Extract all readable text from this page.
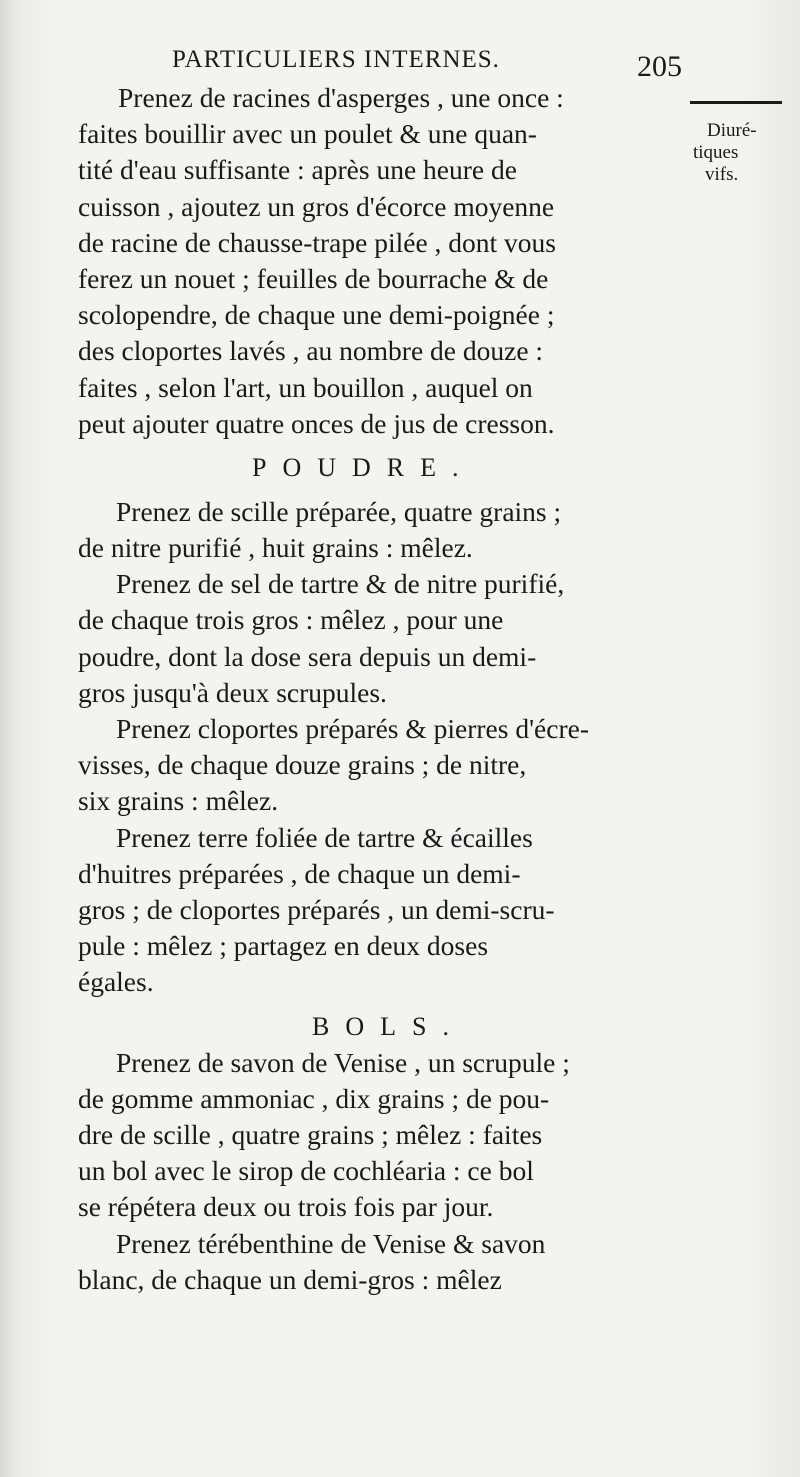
PARTICULIERS INTERNES.	205
Diuré-
tiques
vifs.
Prenez de racines d'asperges , une once :
faites bouillir avec un poulet & une quan-
tité d'eau suffisante : après une heure de
cuisson , ajoutez un gros d'écorce moyenne
de racine de chausse-trape pilée , dont vous
ferez un nouet ; feuilles de bourrache & de
scolopendre, de chaque une demi-poignée ;
des cloportes lavés , au nombre de douze :
faites , selon l'art, un bouillon , auquel on
peut ajouter quatre onces de jus de cresson.
POUDRE.
Prenez de scille préparée, quatre grains ;
de nitre purifié , huit grains : mêlez.
Prenez de sel de tartre & de nitre purifié,
de chaque trois gros : mêlez , pour une
poudre, dont la dose sera depuis un demi-
gros jusqu'à deux scrupules.
Prenez cloportes préparés & pierres d'écre-
visses, de chaque douze grains ; de nitre,
six grains : mêlez.
Prenez terre foliée de tartre & écailles
d'huitres préparées , de chaque un demi-
gros ; de cloportes préparés , un demi-scru-
pule : mêlez ; partagez en deux doses
égales.
BOLS.
Prenez de savon de Venise , un scrupule ;
de gomme ammoniac , dix grains ; de pou-
dre de scille , quatre grains ; mêlez : faites
un bol avec le sirop de cochléaria : ce bol
se répétera deux ou trois fois par jour.
Prenez térébenthine de Venise & savon
blanc, de chaque un demi-gros : mêlez
